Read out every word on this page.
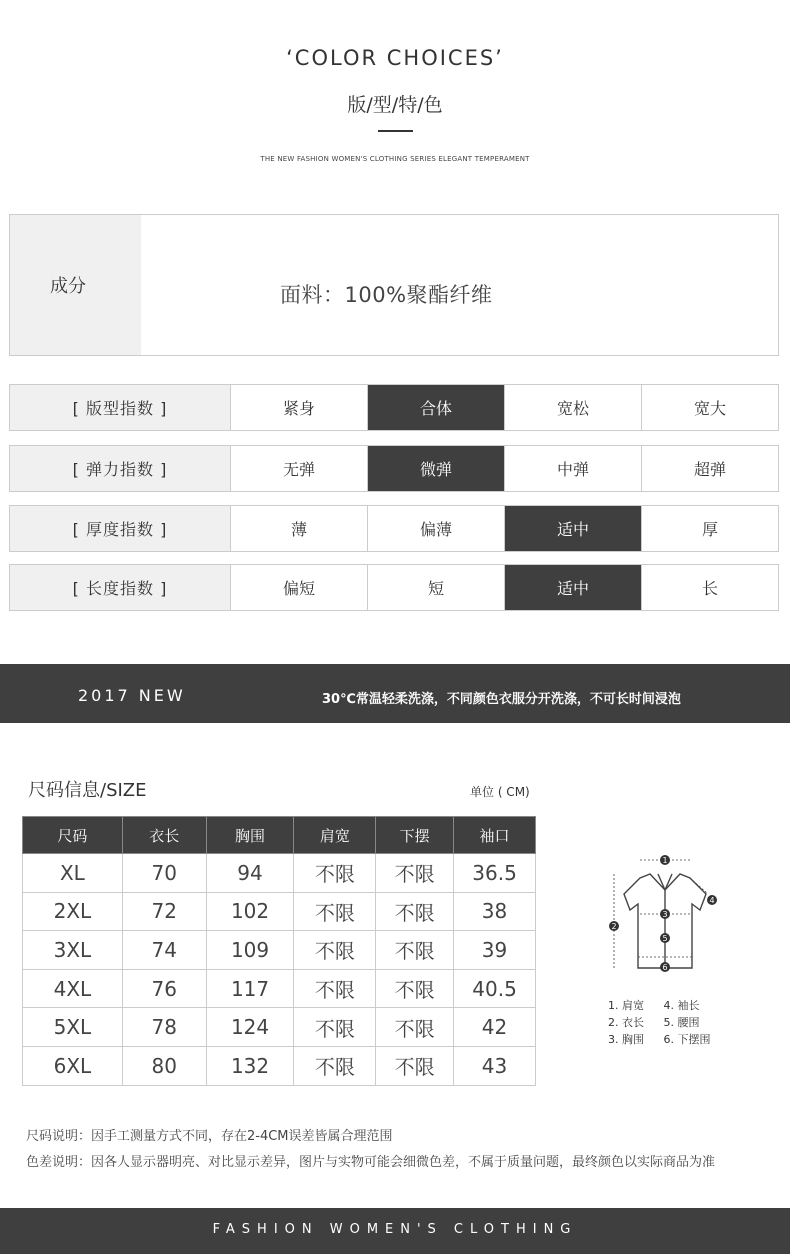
‘COLOR CHOICES’
版/型/特/色
THE NEW FASHION WOMEN'S CLOTHING SERIES ELEGANT TEMPERAMENT
成分	面料：100%聚酯纤维
[ 版型指数 ]	紧身	合体	宽松	宽大
[ 弹力指数 ]	无弹	微弹	中弹	超弹
[ 厚度指数 ]	薄	偏薄	适中	厚
[ 长度指数 ]	偏短	短	适中	长
2017 NEW	30℃常温轻柔洗涤，不同颜色衣服分开洗涤，不可长时间浸泡
尺码信息/SIZE	单位 ( CM)
尺码	衣长	胸围	肩宽	下摆	袖口
XL	70	94	不限	不限	36.5
2XL	72	102	不限	不限	38
3XL	74	109	不限	不限	39
4XL	76	117	不限	不限	40.5
5XL	78	124	不限	不限	42
6XL	80	132	不限	不限	43
1
2
3
4
5
6
1. 肩宽 4. 袖长
2. 衣长 5. 腰围
3. 胸围 6. 下摆围
尺码说明：因手工测量方式不同，存在2-4CM误差皆属合理范围
色差说明：因各人显示器明亮、对比显示差异，图片与实物可能会细微色差，不属于质量问题，最终颜色以实际商品为准
FASHION WOMEN'S CLOTHING
